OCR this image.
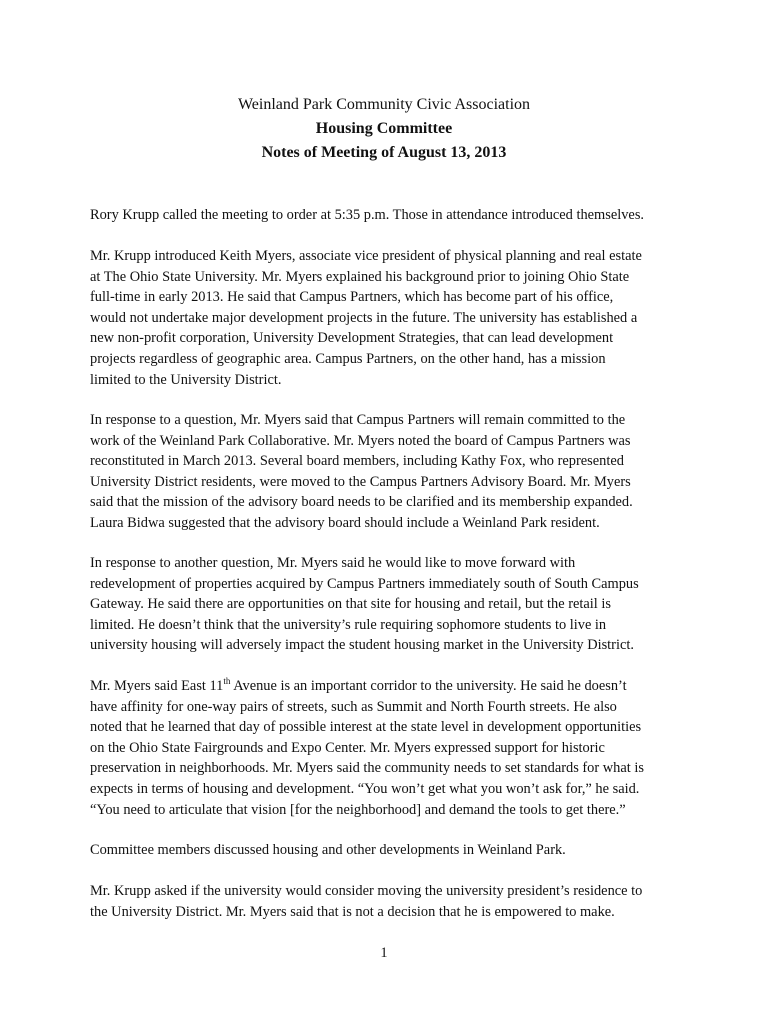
Weinland Park Community Civic Association
Housing Committee
Notes of Meeting of August 13, 2013

Rory Krupp called the meeting to order at 5:35 p.m. Those in attendance introduced themselves.

Mr. Krupp introduced Keith Myers, associate vice president of physical planning and real estate
at The Ohio State University. Mr. Myers explained his background prior to joining Ohio State
full-time in early 2013. He said that Campus Partners, which has become part of his office,
would not undertake major development projects in the future. The university has established a
new non-profit corporation, University Development Strategies, that can lead development
projects regardless of geographic area. Campus Partners, on the other hand, has a mission
limited to the University District.

In response to a question, Mr. Myers said that Campus Partners will remain committed to the
work of the Weinland Park Collaborative. Mr. Myers noted the board of Campus Partners was
reconstituted in March 2013. Several board members, including Kathy Fox, who represented
University District residents, were moved to the Campus Partners Advisory Board. Mr. Myers
said that the mission of the advisory board needs to be clarified and its membership expanded.
Laura Bidwa suggested that the advisory board should include a Weinland Park resident.

In response to another question, Mr. Myers said he would like to move forward with
redevelopment of properties acquired by Campus Partners immediately south of South Campus
Gateway. He said there are opportunities on that site for housing and retail, but the retail is
limited. He doesn’t think that the university’s rule requiring sophomore students to live in
university housing will adversely impact the student housing market in the University District.

Mr. Myers said East 11th Avenue is an important corridor to the university. He said he doesn’t
have affinity for one-way pairs of streets, such as Summit and North Fourth streets. He also
noted that he learned that day of possible interest at the state level in development opportunities
on the Ohio State Fairgrounds and Expo Center. Mr. Myers expressed support for historic
preservation in neighborhoods. Mr. Myers said the community needs to set standards for what is
expects in terms of housing and development. “You won’t get what you won’t ask for,” he said.
“You need to articulate that vision [for the neighborhood] and demand the tools to get there.”

Committee members discussed housing and other developments in Weinland Park.

Mr. Krupp asked if the university would consider moving the university president’s residence to
the University District. Mr. Myers said that is not a decision that he is empowered to make.

1
